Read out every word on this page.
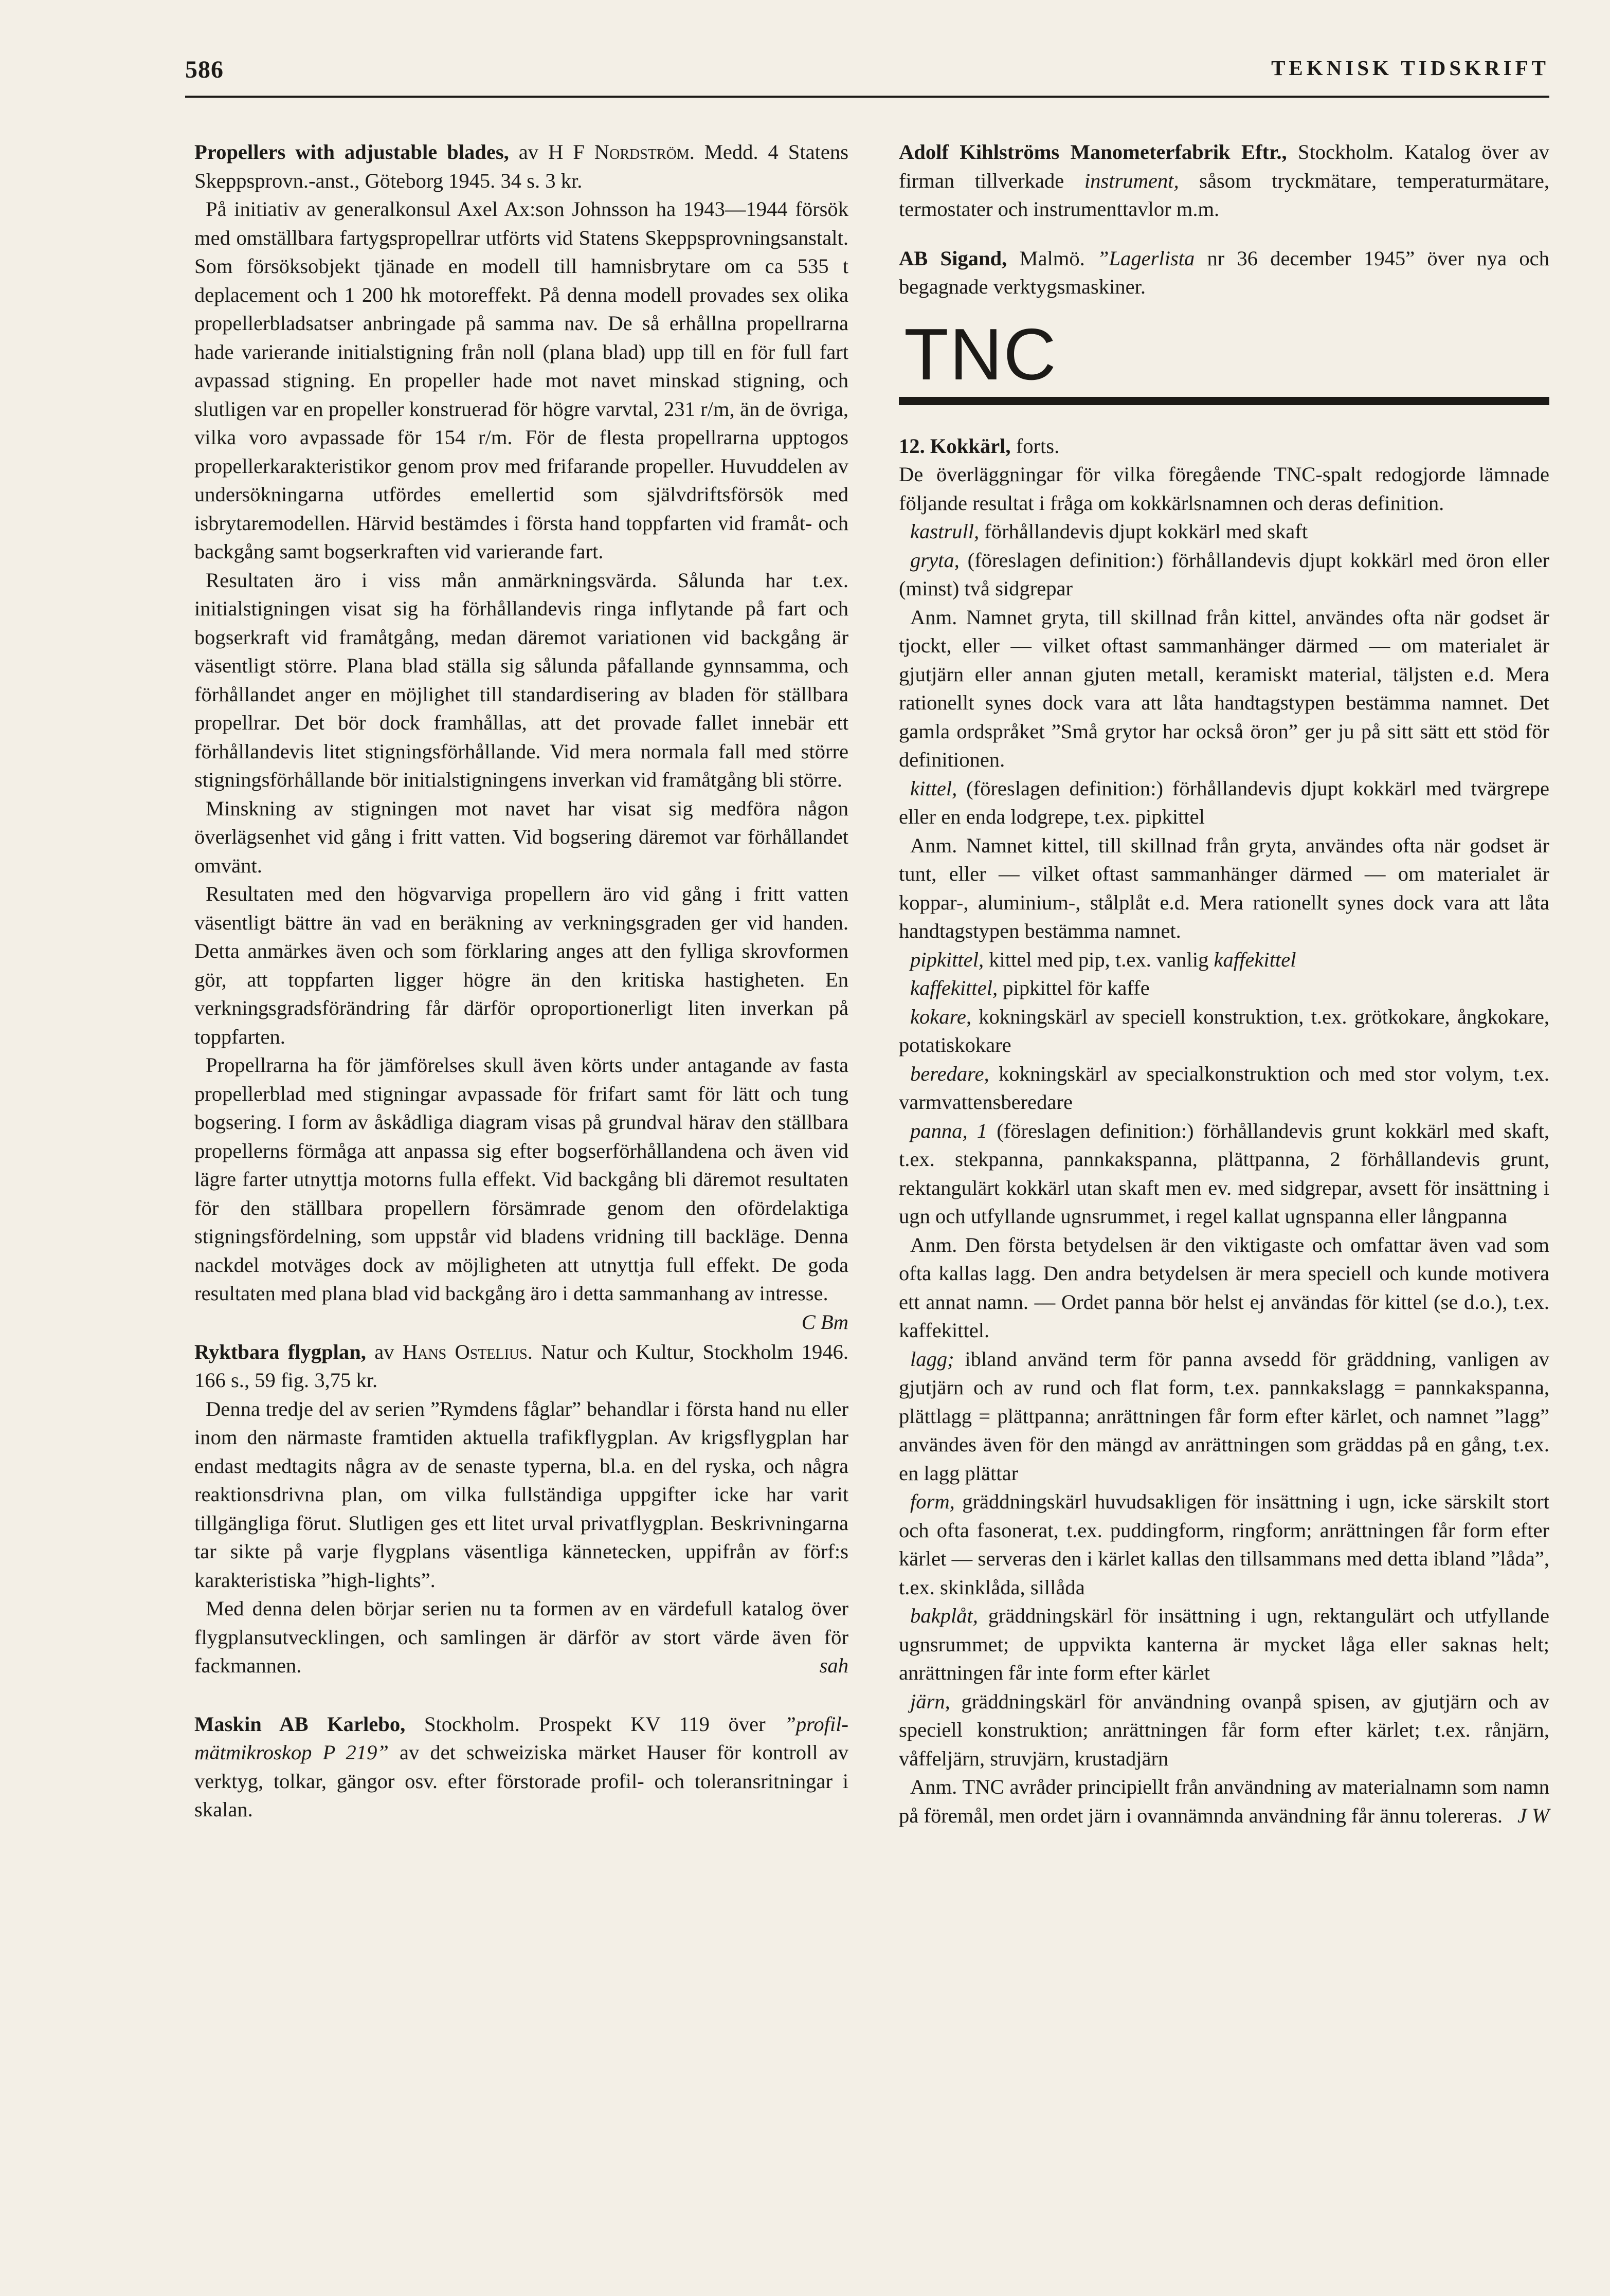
586	TEKNISK TIDSKRIFT

Propellers with adjustable blades, av H F Nordström. Medd. 4 Statens Skeppsprovn.-anst., Göteborg 1945. 34 s. 3 kr.

På initiativ av generalkonsul Axel Ax:son Johnsson ha 1943—1944 försök med omställbara fartygspropellrar utförts vid Statens Skeppsprovningsanstalt. Som försöksobjekt tjänade en modell till hamnisbrytare om ca 535 t deplacement och 1 200 hk motoreffekt. På denna modell provades sex olika propellerbladsatser anbringade på samma nav. De så erhållna propellrarna hade varierande initialstigning från noll (plana blad) upp till en för full fart avpassad stigning. En propeller hade mot navet minskad stigning, och slutligen var en propeller konstruerad för högre varvtal, 231 r/m, än de övriga, vilka voro avpassade för 154 r/m. För de flesta propellrarna upptogos propellerkarakteristikor genom prov med frifarande propeller. Huvuddelen av undersökningarna utfördes emellertid som självdriftsförsök med isbrytaremodellen. Härvid bestämdes i första hand toppfarten vid framåt- och backgång samt bogserkraften vid varierande fart.

Resultaten äro i viss mån anmärkningsvärda. Sålunda har t.ex. initialstigningen visat sig ha förhållandevis ringa inflytande på fart och bogserkraft vid framåtgång, medan däremot variationen vid backgång är väsentligt större. Plana blad ställa sig sålunda påfallande gynnsamma, och förhållandet anger en möjlighet till standardisering av bladen för ställbara propellrar. Det bör dock framhållas, att det provade fallet innebär ett förhållandevis litet stigningsförhållande. Vid mera normala fall med större stigningsförhållande bör initialstigningens inverkan vid framåtgång bli större.

Minskning av stigningen mot navet har visat sig medföra någon överlägsenhet vid gång i fritt vatten. Vid bogsering däremot var förhållandet omvänt.

Resultaten med den högvarviga propellern äro vid gång i fritt vatten väsentligt bättre än vad en beräkning av verkningsgraden ger vid handen. Detta anmärkes även och som förklaring anges att den fylliga skrovformen gör, att toppfarten ligger högre än den kritiska hastigheten. En verkningsgradsförändring får därför oproportionerligt liten inverkan på toppfarten.

Propellrarna ha för jämförelses skull även körts under antagande av fasta propellerblad med stigningar avpassade för frifart samt för lätt och tung bogsering. I form av åskådliga diagram visas på grundval härav den ställbara propellerns förmåga att anpassa sig efter bogserförhållandena och även vid lägre farter utnyttja motorns fulla effekt. Vid backgång bli däremot resultaten för den ställbara propellern försämrade genom den ofördelaktiga stigningsfördelning, som uppstår vid bladens vridning till backläge. Denna nackdel motväges dock av möjligheten att utnyttja full effekt. De goda resultaten med plana blad vid backgång äro i detta sammanhang av intresse.
C Bm

Ryktbara flygplan, av Hans Ostelius. Natur och Kultur, Stockholm 1946. 166 s., 59 fig. 3,75 kr.

Denna tredje del av serien ”Rymdens fåglar” behandlar i första hand nu eller inom den närmaste framtiden aktuella trafikflygplan. Av krigsflygplan har endast medtagits några av de senaste typerna, bl.a. en del ryska, och några reaktionsdrivna plan, om vilka fullständiga uppgifter icke har varit tillgängliga förut. Slutligen ges ett litet urval privatflygplan. Beskrivningarna tar sikte på varje flygplans väsentliga kännetecken, uppifrån av förf:s karakteristiska ”high-lights”.

Med denna delen börjar serien nu ta formen av en värdefull katalog över flygplansutvecklingen, och samlingen är därför av stort värde även för fackmannen.	sah

Maskin AB Karlebo, Stockholm. Prospekt KV 119 över ”profil-mätmikroskop P 219” av det schweiziska märket Hauser för kontroll av verktyg, tolkar, gängor osv. efter förstorade profil- och toleransritningar i skalan.

Adolf Kihlströms Manometerfabrik Eftr., Stockholm. Katalog över av firman tillverkade instrument, såsom tryckmätare, temperaturmätare, termostater och instrumenttavlor m.m.

AB Sigand, Malmö. ”Lagerlista nr 36 december 1945” över nya och begagnade verktygsmaskiner.

TNC

12. Kokkärl, forts.

De överläggningar för vilka föregående TNC-spalt redogjorde lämnade följande resultat i fråga om kokkärlsnamnen och deras definition.

kastrull, förhållandevis djupt kokkärl med skaft

gryta, (föreslagen definition:) förhållandevis djupt kokkärl med öron eller (minst) två sidgrepar

Anm. Namnet gryta, till skillnad från kittel, användes ofta när godset är tjockt, eller — vilket oftast sammanhänger därmed — om materialet är gjutjärn eller annan gjuten metall, keramiskt material, täljsten e.d. Mera rationellt synes dock vara att låta handtagstypen bestämma namnet. Det gamla ordspråket ”Små grytor har också öron” ger ju på sitt sätt ett stöd för definitionen.

kittel, (föreslagen definition:) förhållandevis djupt kokkärl med tvärgrepe eller en enda lodgrepe, t.ex. pipkittel

Anm. Namnet kittel, till skillnad från gryta, användes ofta när godset är tunt, eller — vilket oftast sammanhänger därmed — om materialet är koppar-, aluminium-, stålplåt e.d. Mera rationellt synes dock vara att låta handtagstypen bestämma namnet.

pipkittel, kittel med pip, t.ex. vanlig kaffekittel

kaffekittel, pipkittel för kaffe

kokare, kokningskärl av speciell konstruktion, t.ex. grötkokare, ångkokare, potatiskokare

beredare, kokningskärl av specialkonstruktion och med stor volym, t.ex. varmvattensberedare

panna, 1 (föreslagen definition:) förhållandevis grunt kokkärl med skaft, t.ex. stekpanna, pannkakspanna, plättpanna, 2 förhållandevis grunt, rektangulärt kokkärl utan skaft men ev. med sidgrepar, avsett för insättning i ugn och utfyllande ugnsrummet, i regel kallat ugnspanna eller långpanna

Anm. Den första betydelsen är den viktigaste och omfattar även vad som ofta kallas lagg. Den andra betydelsen är mera speciell och kunde motivera ett annat namn. — Ordet panna bör helst ej användas för kittel (se d.o.), t.ex. kaffekittel.

lagg; ibland använd term för panna avsedd för gräddning, vanligen av gjutjärn och av rund och flat form, t.ex. pannkakslagg = pannkakspanna, plättlagg = plättpanna; anrättningen får form efter kärlet, och namnet ”lagg” användes även för den mängd av anrättningen som gräddas på en gång, t.ex. en lagg plättar

form, gräddningskärl huvudsakligen för insättning i ugn, icke särskilt stort och ofta fasonerat, t.ex. puddingform, ringform; anrättningen får form efter kärlet — serveras den i kärlet kallas den tillsammans med detta ibland ”låda”, t.ex. skinklåda, sillåda

bakplåt, gräddningskärl för insättning i ugn, rektangulärt och utfyllande ugnsrummet; de uppvikta kanterna är mycket låga eller saknas helt; anrättningen får inte form efter kärlet

järn, gräddningskärl för användning ovanpå spisen, av gjutjärn och av speciell konstruktion; anrättningen får form efter kärlet; t.ex. rånjärn, våffeljärn, struvjärn, krustadjärn

Anm. TNC avråder principiellt från användning av materialnamn som namn på föremål, men ordet järn i ovannämnda användning får ännu tolereras. J W
